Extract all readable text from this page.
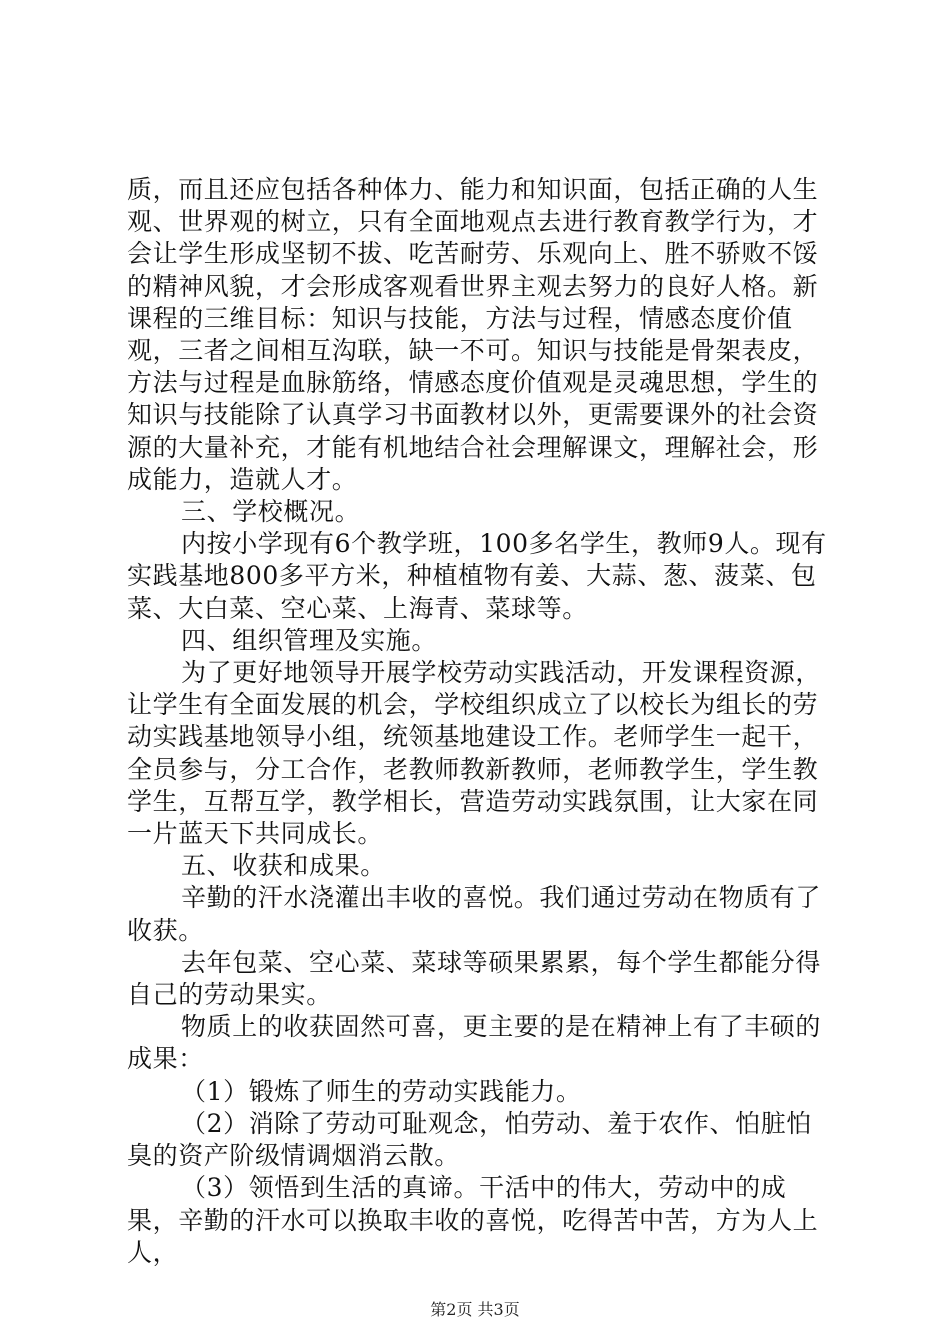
质，而且还应包括各种体力、能力和知识面，包括正确的人生观、世界观的树立，只有全面地观点去进行教育教学行为，才会让学生形成坚韧不拔、吃苦耐劳、乐观向上、胜不骄败不馁的精神风貌，才会形成客观看世界主观去努力的良好人格。新课程的三维目标：知识与技能，方法与过程，情感态度价值观，三者之间相互沟联，缺一不可。知识与技能是骨架表皮，方法与过程是血脉筋络，情感态度价值观是灵魂思想，学生的知识与技能除了认真学习书面教材以外，更需要课外的社会资源的大量补充，才能有机地结合社会理解课文，理解社会，形成能力，造就人才。

三、学校概况。

内按小学现有6个教学班，100多名学生，教师9人。现有实践基地800多平方米，种植植物有姜、大蒜、葱、菠菜、包菜、大白菜、空心菜、上海青、菜球等。

四、组织管理及实施。

为了更好地领导开展学校劳动实践活动，开发课程资源，让学生有全面发展的机会，学校组织成立了以校长为组长的劳动实践基地领导小组，统领基地建设工作。老师学生一起干，全员参与，分工合作，老教师教新教师，老师教学生，学生教学生，互帮互学，教学相长，营造劳动实践氛围，让大家在同一片蓝天下共同成长。

五、收获和成果。

辛勤的汗水浇灌出丰收的喜悦。我们通过劳动在物质有了收获。

去年包菜、空心菜、菜球等硕果累累，每个学生都能分得自己的劳动果实。

物质上的收获固然可喜，更主要的是在精神上有了丰硕的成果：

（1）锻炼了师生的劳动实践能力。

（2）消除了劳动可耻观念，怕劳动、羞于农作、怕脏怕臭的资产阶级情调烟消云散。

（3）领悟到生活的真谛。干活中的伟大，劳动中的成果，辛勤的汗水可以换取丰收的喜悦，吃得苦中苦，方为人上人，

第2页 共3页
